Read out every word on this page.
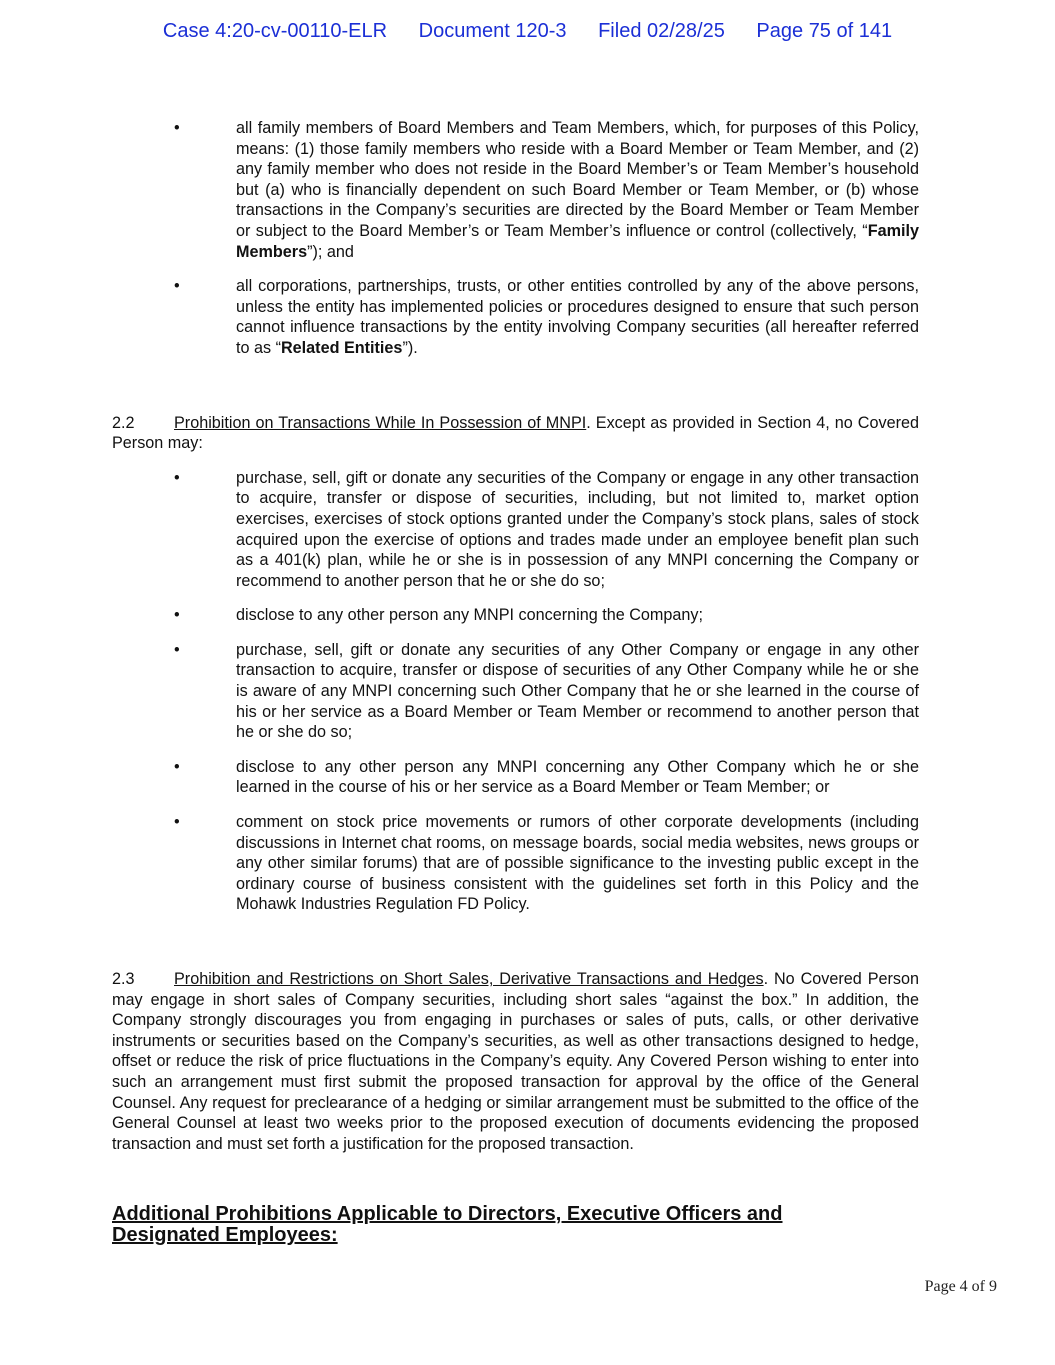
Case 4:20-cv-00110-ELR Document 120-3 Filed 02/28/25 Page 75 of 141
•	all family members of Board Members and Team Members, which, for purposes of this Policy, means: (1) those family members who reside with a Board Member or Team Member, and (2) any family member who does not reside in the Board Member’s or Team Member’s household but (a) who is financially dependent on such Board Member or Team Member, or (b) whose transactions in the Company’s securities are directed by the Board Member or Team Member or subject to the Board Member’s or Team Member’s influence or control (collectively, “Family Members”); and
•	all corporations, partnerships, trusts, or other entities controlled by any of the above persons, unless the entity has implemented policies or procedures designed to ensure that such person cannot influence transactions by the entity involving Company securities (all hereafter referred to as “Related Entities”).

2.2 Prohibition on Transactions While In Possession of MNPI. Except as provided in Section 4, no Covered Person may:

•	purchase, sell, gift or donate any securities of the Company or engage in any other transaction to acquire, transfer or dispose of securities, including, but not limited to, market option exercises, exercises of stock options granted under the Company’s stock plans, sales of stock acquired upon the exercise of options and trades made under an employee benefit plan such as a 401(k) plan, while he or she is in possession of any MNPI concerning the Company or recommend to another person that he or she do so;
•	disclose to any other person any MNPI concerning the Company;
•	purchase, sell, gift or donate any securities of any Other Company or engage in any other transaction to acquire, transfer or dispose of securities of any Other Company while he or she is aware of any MNPI concerning such Other Company that he or she learned in the course of his or her service as a Board Member or Team Member or recommend to another person that he or she do so;
•	disclose to any other person any MNPI concerning any Other Company which he or she learned in the course of his or her service as a Board Member or Team Member; or
•	comment on stock price movements or rumors of other corporate developments (including discussions in Internet chat rooms, on message boards, social media websites, news groups or any other similar forums) that are of possible significance to the investing public except in the ordinary course of business consistent with the guidelines set forth in this Policy and the Mohawk Industries Regulation FD Policy.

2.3 Prohibition and Restrictions on Short Sales, Derivative Transactions and Hedges. No Covered Person may engage in short sales of Company securities, including short sales “against the box.” In addition, the Company strongly discourages you from engaging in purchases or sales of puts, calls, or other derivative instruments or securities based on the Company’s securities, as well as other transactions designed to hedge, offset or reduce the risk of price fluctuations in the Company’s equity. Any Covered Person wishing to enter into such an arrangement must first submit the proposed transaction for approval by the office of the General Counsel. Any request for preclearance of a hedging or similar arrangement must be submitted to the office of the General Counsel at least two weeks prior to the proposed execution of documents evidencing the proposed transaction and must set forth a justification for the proposed transaction.

Additional Prohibitions Applicable to Directors, Executive Officers and
Designated Employees:

Page 4 of 9
